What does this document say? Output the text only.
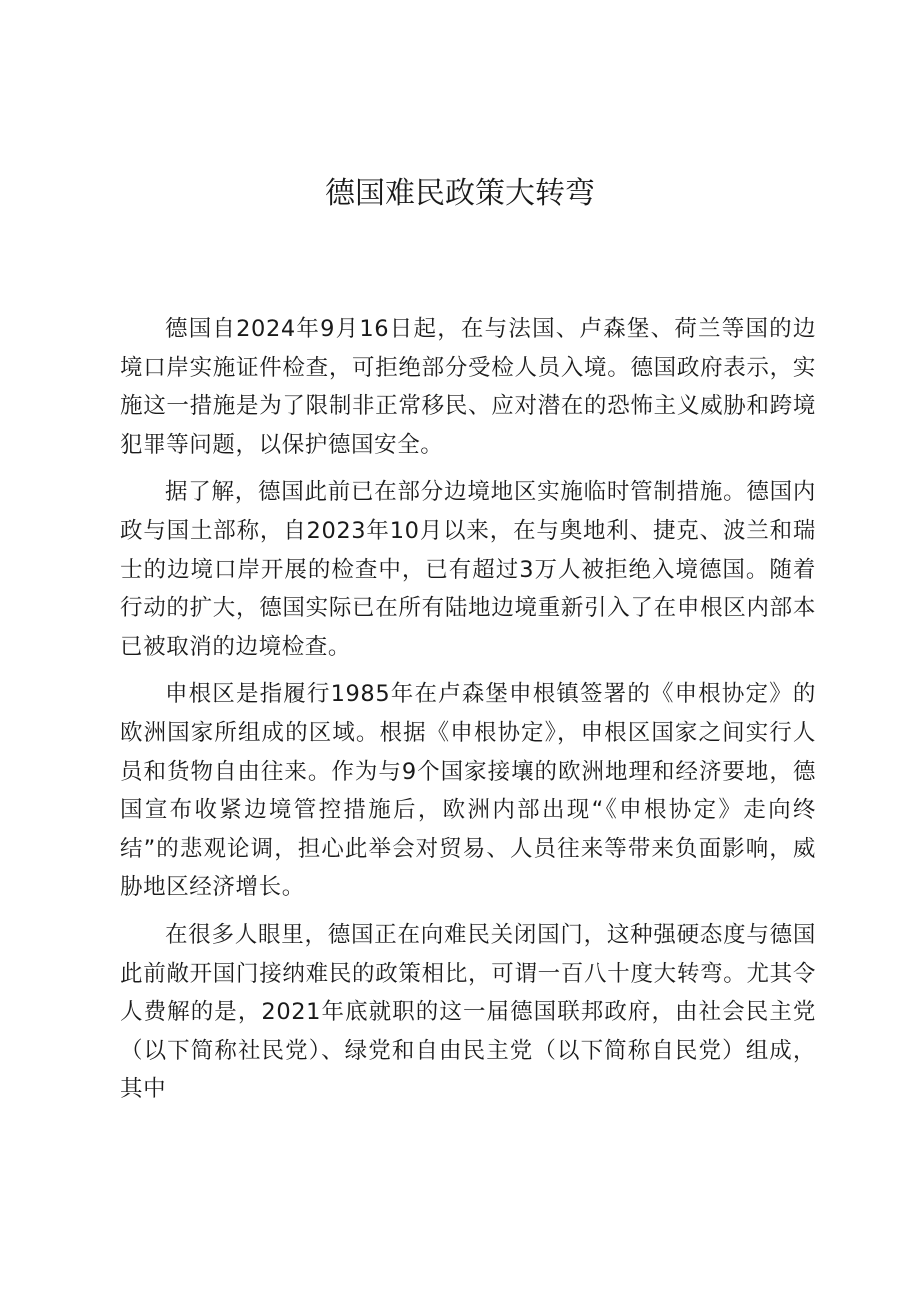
德国难民政策大转弯

德国自2024年9月16日起，在与法国、卢森堡、荷兰等国的边境口岸实施证件检查，可拒绝部分受检人员入境。德国政府表示，实施这一措施是为了限制非正常移民、应对潜在的恐怖主义威胁和跨境犯罪等问题，以保护德国安全。

据了解，德国此前已在部分边境地区实施临时管制措施。德国内政与国土部称，自2023年10月以来，在与奥地利、捷克、波兰和瑞士的边境口岸开展的检查中，已有超过3万人被拒绝入境德国。随着行动的扩大，德国实际已在所有陆地边境重新引入了在申根区内部本已被取消的边境检查。

申根区是指履行1985年在卢森堡申根镇签署的《申根协定》的欧洲国家所组成的区域。根据《申根协定》，申根区国家之间实行人员和货物自由往来。作为与9个国家接壤的欧洲地理和经济要地，德国宣布收紧边境管控措施后，欧洲内部出现“《申根协定》走向终结”的悲观论调，担心此举会对贸易、人员往来等带来负面影响，威胁地区经济增长。

在很多人眼里，德国正在向难民关闭国门，这种强硬态度与德国此前敞开国门接纳难民的政策相比，可谓一百八十度大转弯。尤其令人费解的是，2021年底就职的这一届德国联邦政府，由社会民主党（以下简称社民党）、绿党和自由民主党（以下简称自民党）组成，其中
